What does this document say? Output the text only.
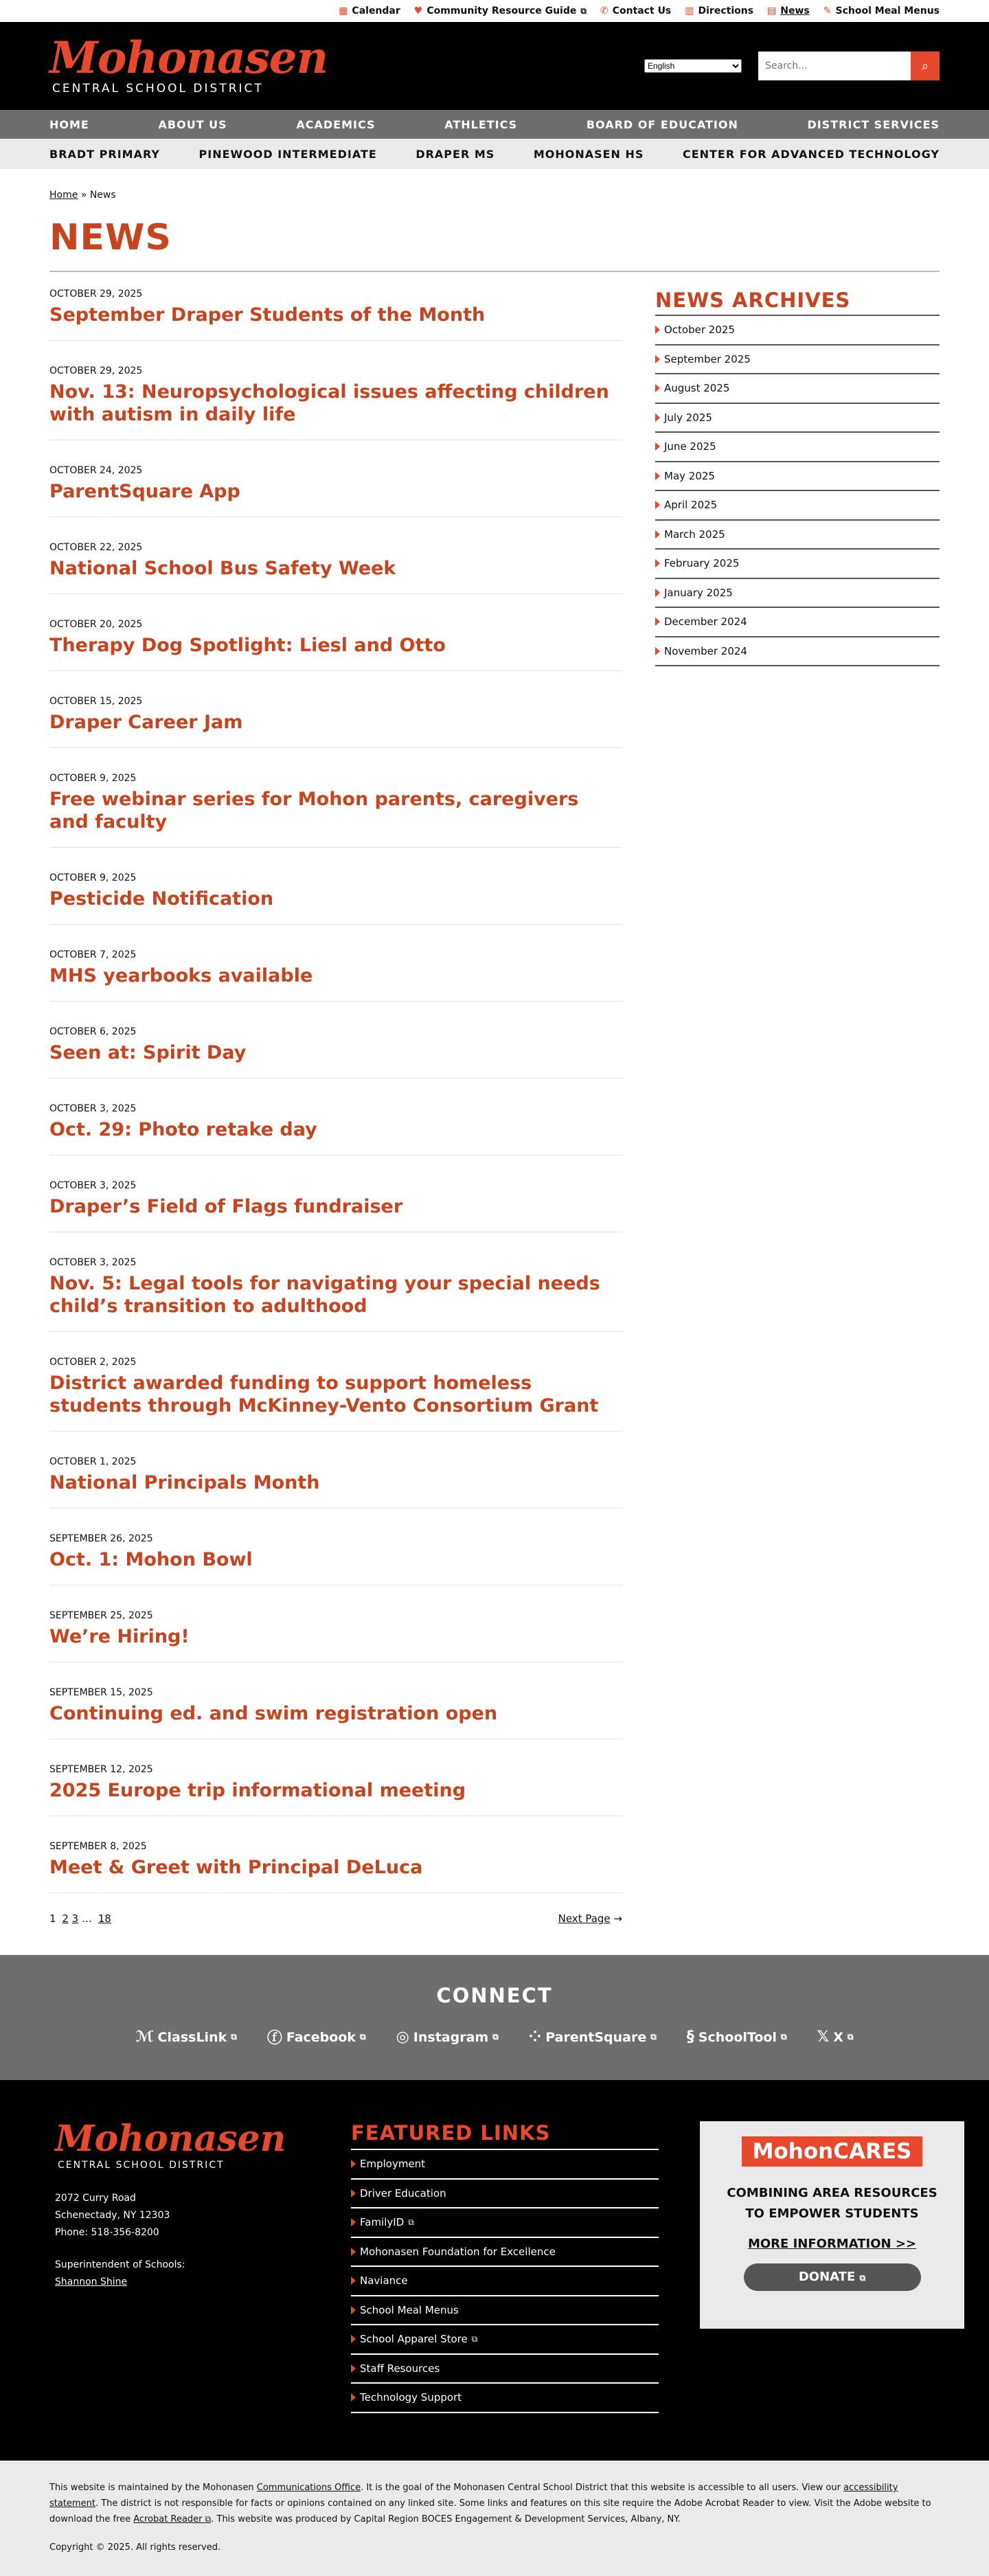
▦ Calendar ♥ Community Resource Guide ⧉ ✆ Contact Us ▥ Directions ▤ News ✎ School Meal Menus
Mohonasen
CENTRAL SCHOOL DISTRICT
English
Search...
⌕
HOME	ABOUT US	ACADEMICS	ATHLETICS	BOARD OF EDUCATION	DISTRICT SERVICES
BRADT PRIMARY	PINEWOOD INTERMEDIATE	DRAPER MS	MOHONASEN HS	CENTER FOR ADVANCED TECHNOLOGY
Home » News
NEWS
OCTOBER 29, 2025
September Draper Students of the Month
OCTOBER 29, 2025
Nov. 13: Neuropsychological issues affecting children with autism in daily life
OCTOBER 24, 2025
ParentSquare App
OCTOBER 22, 2025
National School Bus Safety Week
OCTOBER 20, 2025
Therapy Dog Spotlight: Liesl and Otto
OCTOBER 15, 2025
Draper Career Jam
OCTOBER 9, 2025
Free webinar series for Mohon parents, caregivers and faculty
OCTOBER 9, 2025
Pesticide Notification
OCTOBER 7, 2025
MHS yearbooks available
OCTOBER 6, 2025
Seen at: Spirit Day
OCTOBER 3, 2025
Oct. 29: Photo retake day
OCTOBER 3, 2025
Draper’s Field of Flags fundraiser
OCTOBER 3, 2025
Nov. 5: Legal tools for navigating your special needs child’s transition to adulthood
OCTOBER 2, 2025
District awarded funding to support homeless students through McKinney-Vento Consortium Grant
OCTOBER 1, 2025
National Principals Month
SEPTEMBER 26, 2025
Oct. 1: Mohon Bowl
SEPTEMBER 25, 2025
We’re Hiring!
SEPTEMBER 15, 2025
Continuing ed. and swim registration open
SEPTEMBER 12, 2025
2025 Europe trip informational meeting
SEPTEMBER 8, 2025
Meet & Greet with Principal DeLuca
1 2 3 … 18	Next Page →
NEWS ARCHIVES
October 2025
September 2025
August 2025
July 2025
June 2025
May 2025
April 2025
March 2025
February 2025
January 2025
December 2024
November 2024
CONNECT
ℳ ClassLink ⧉ ⓕ Facebook ⧉ ◎ Instagram ⧉ ⁘ ParentSquare ⧉ § SchoolTool ⧉ 𝕏 X ⧉
Mohonasen
CENTRAL SCHOOL DISTRICT
2072 Curry Road
Schenectady, NY 12303
Phone: 518-356-8200
Superintendent of Schools:
Shannon Shine
FEATURED LINKS
Employment
Driver Education
FamilyID ⧉
Mohonasen Foundation for Excellence
Naviance
School Meal Menus
School Apparel Store ⧉
Staff Resources
Technology Support
MohonCARES
COMBINING AREA RESOURCES
TO EMPOWER STUDENTS
MORE INFORMATION >>
DONATE ⧉

This website is maintained by the Mohonasen Communications Office. It is the goal of the Mohonasen Central School District that this website is accessible to all users. View our accessibility statement. The district is not responsible for facts or opinions contained on any linked site. Some links and features on this site require the Adobe Acrobat Reader to view. Visit the Adobe website to download the free Acrobat Reader ⧉. This website was produced by Capital Region BOCES Engagement & Development Services, Albany, NY.

Copyright © 2025. All rights reserved.
